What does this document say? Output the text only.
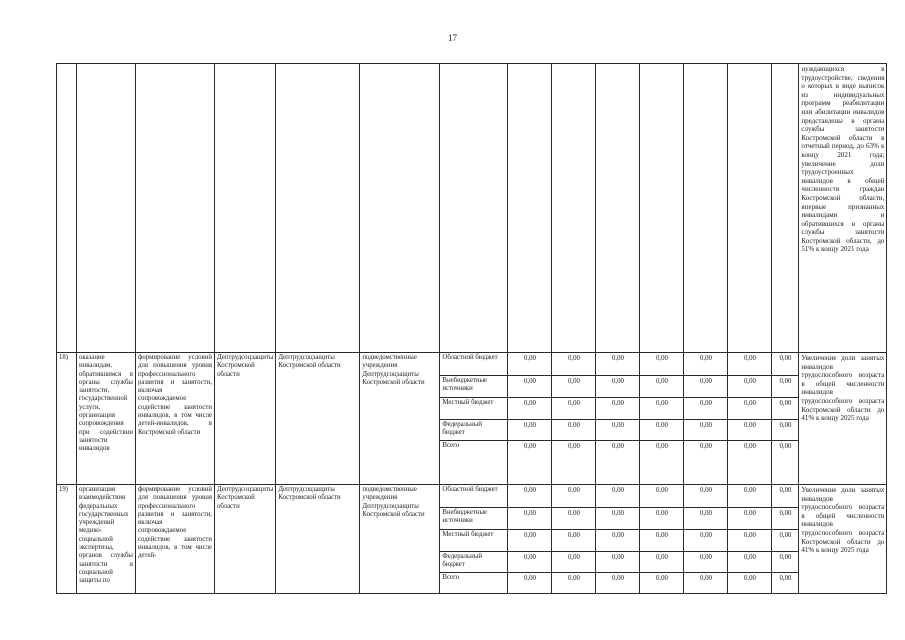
17
														нуждающихся в трудоустройстве, сведения о которых в виде выписок из индивидуальных программ реабилитации или абилитации инвалидов представлены в органы службы занятости Костромской области в отчетный период, до 63% к концу 2021 года; увеличение доли трудоустроенных инвалидов в общей численности граждан Костромской области, впервые признанных инвалидами и обратившихся в органы службы занятости Костромской области, до 51% к концу 2021 года
18)	оказание инвалидам, обратившимся в органы службы занятости, государственной услуги, организация сопровождения при содействии занятости инвалидов	формирование условий для повышения уровня профессионального развития и занятости, включая сопровождаемое содействие занятости инвалидов, в том числе детей-инвалидов, в Костромской области	Дептрудсоцзащиты Костромской области	Дептрудсоцзащиты Костромской области	подведомственные учреждения Дептрудсоцзащиты Костромской области	Областной бюджет	0,00	0,00	0,00	0,00	0,00	0,00	0,00	Увеличение доли занятых инвалидов трудоспособного возраста в общей численности инвалидов трудоспособного возраста Костромской области до 41% к концу 2025 года
						Внебюджетные источники	0,00	0,00	0,00	0,00	0,00	0,00	0,00	
						Местный бюджет	0,00	0,00	0,00	0,00	0,00	0,00	0,00	
						Федеральный бюджет	0,00	0,00	0,00	0,00	0,00	0,00	0,00	
						Всего	0,00	0,00	0,00	0,00	0,00	0,00	0,00	
19)	организация взаимодействия федеральных государственных учреждений медико-социальной экспертизы, органов службы занятости и социальной защиты по	формирование условий для повышения уровня профессионального развития и занятости, включая сопровождаемое содействие занятости инвалидов, в том числе детей-	Дептрудсоцзащиты Костромской области	Дептрудсоцзащиты Костромской области	подведомственные учреждения Дептрудсоцзащиты Костромской области	Областной бюджет	0,00	0,00	0,00	0,00	0,00	0,00	0,00	Увеличение доли занятых инвалидов трудоспособного возраста в общей численности инвалидов трудоспособного возраста Костромской области до 41% к концу 2025 года
						Внебюджетные источники	0,00	0,00	0,00	0,00	0,00	0,00	0,00	
						Местный бюджет	0,00	0,00	0,00	0,00	0,00	0,00	0,00	
						Федеральный бюджет	0,00	0,00	0,00	0,00	0,00	0,00	0,00	
						Всего	0,00	0,00	0,00	0,00	0,00	0,00	0,00	
